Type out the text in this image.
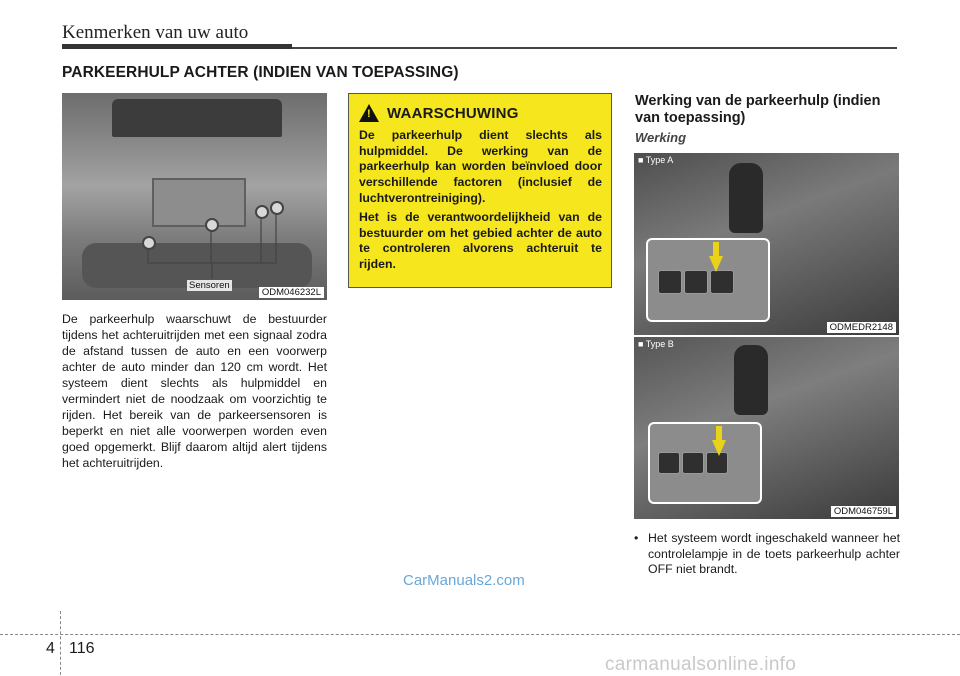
Kenmerken van uw auto
PARKEERHULP ACHTER (INDIEN VAN TOEPASSING)
Sensoren
ODM046232L
De parkeerhulp waarschuwt de bestuurder tijdens het achteruitrijden met een signaal zodra de afstand tussen de auto en een voorwerp achter de auto minder dan 120 cm wordt. Het systeem dient slechts als hulpmiddel en vermindert niet de noodzaak om voorzichtig te rijden. Het bereik van de parkeersensoren is beperkt en niet alle voorwerpen worden even goed opgemerkt. Blijf daarom altijd alert tijdens het achteruitrijden.
! WAARSCHUWING
De parkeerhulp dient slechts als hulpmiddel. De werking van de parkeerhulp kan worden beïnvloed door verschillende factoren (inclusief de luchtverontreiniging).
Het is de verantwoordelijkheid van de bestuurder om het gebied achter de auto te controleren alvorens achteruit te rijden.
Werking van de parkeerhulp (indien van toepassing)
Werking
■ Type A
ODMEDR2148
■ Type B
ODM046759L
• Het systeem wordt ingeschakeld wanneer het controlelampje in de toets parkeerhulp achter OFF niet brandt.
CarManuals2.com
4 116
carmanualsonline.info
